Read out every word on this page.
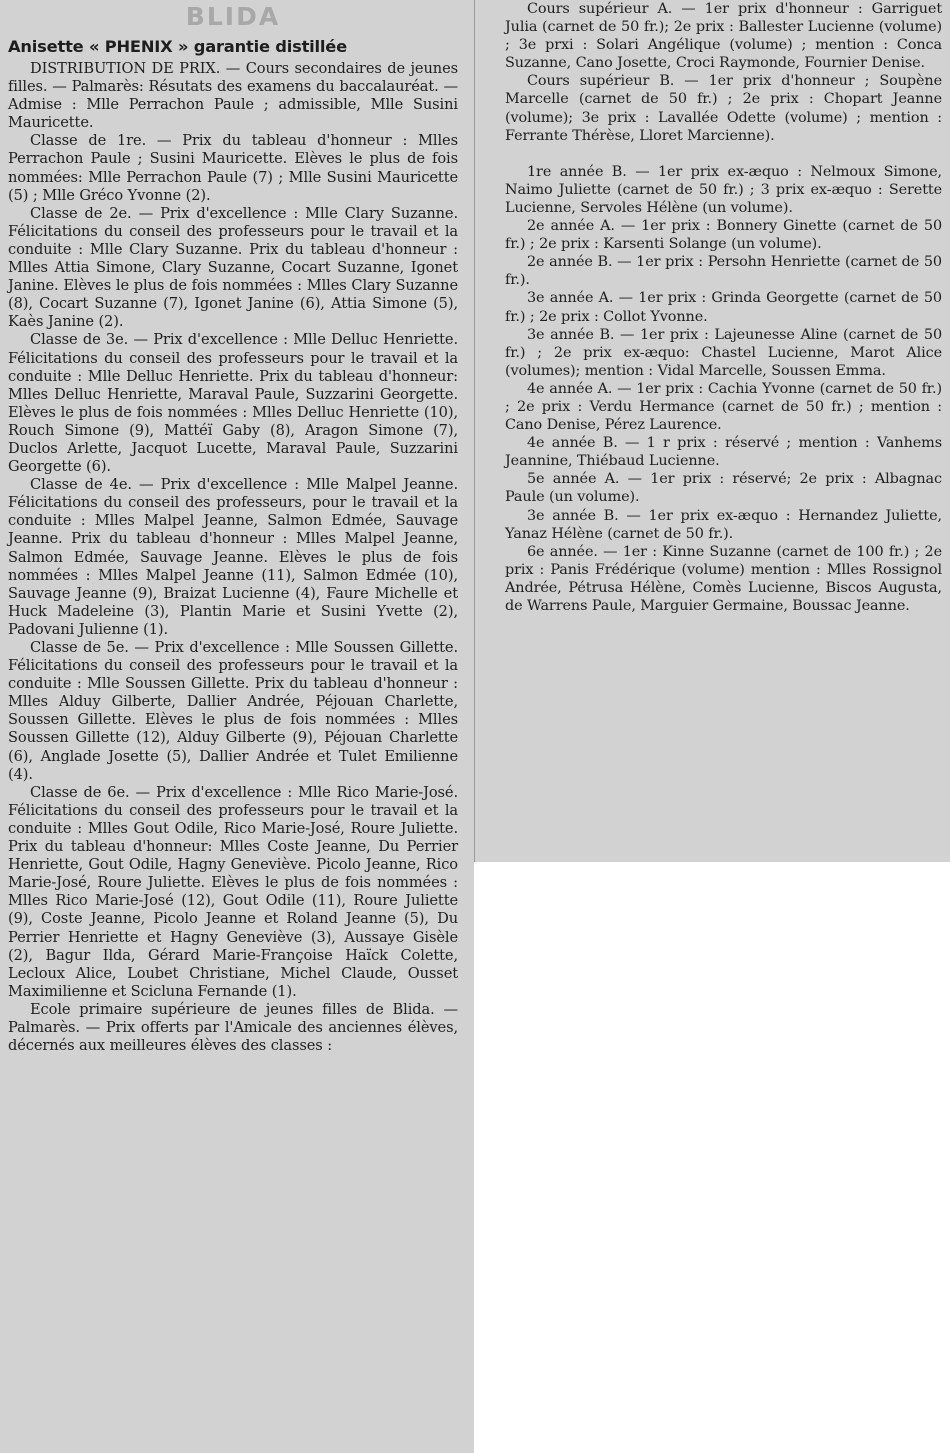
BLIDA
Anisette « PHENIX » garantie distillée

DISTRIBUTION DE PRIX. — Cours secondaires de jeunes filles. — Palmarès: Résutats des examens du baccalauréat. — Admise : Mlle Perrachon Paule ; admissible, Mlle Susini Mauricette.

Classe de 1re. — Prix du tableau d'honneur : Mlles Perrachon Paule ; Susini Mauricette. Elèves le plus de fois nommées: Mlle Perrachon Paule (7) ; Mlle Susini Mauricette (5) ; Mlle Gréco Yvonne (2).

Classe de 2e. — Prix d'excellence : Mlle Clary Suzanne. Félicitations du conseil des professeurs pour le travail et la conduite : Mlle Clary Suzanne. Prix du tableau d'honneur : Mlles Attia Simone, Clary Suzanne, Cocart Suzanne, Igonet Janine. Elèves le plus de fois nommées : Mlles Clary Suzanne (8), Cocart Suzanne (7), Igonet Janine (6), Attia Simone (5), Kaès Janine (2).

Classe de 3e. — Prix d'excellence : Mlle Delluc Henriette. Félicitations du conseil des professeurs pour le travail et la conduite : Mlle Delluc Henriette. Prix du tableau d'honneur: Mlles Delluc Henriette, Maraval Paule, Suzzarini Georgette. Elèves le plus de fois nommées : Mlles Delluc Henriette (10), Rouch Simone (9), Mattéï Gaby (8), Aragon Simone (7), Duclos Arlette, Jacquot Lucette, Maraval Paule, Suzzarini Georgette (6).

Classe de 4e. — Prix d'excellence : Mlle Malpel Jeanne. Félicitations du conseil des professeurs, pour le travail et la conduite : Mlles Malpel Jeanne, Salmon Edmée, Sauvage Jeanne. Prix du tableau d'honneur : Mlles Malpel Jeanne, Salmon Edmée, Sauvage Jeanne. Elèves le plus de fois nommées : Mlles Malpel Jeanne (11), Salmon Edmée (10), Sauvage Jeanne (9), Braizat Lucienne (4), Faure Michelle et Huck Madeleine (3), Plantin Marie et Susini Yvette (2), Padovani Julienne (1).

Classe de 5e. — Prix d'excellence : Mlle Soussen Gillette. Félicitations du conseil des professeurs pour le travail et la conduite : Mlle Soussen Gillette. Prix du tableau d'honneur : Mlles Alduy Gilberte, Dallier Andrée, Péjouan Charlette, Soussen Gillette. Elèves le plus de fois nommées : Mlles Soussen Gillette (12), Alduy Gilberte (9), Péjouan Charlette (6), Anglade Josette (5), Dallier Andrée et Tulet Emilienne (4).

Classe de 6e. — Prix d'excellence : Mlle Rico Marie-José. Félicitations du conseil des professeurs pour le travail et la conduite : Mlles Gout Odile, Rico Marie-José, Roure Juliette. Prix du tableau d'honneur: Mlles Coste Jeanne, Du Perrier Henriette, Gout Odile, Hagny Geneviève. Picolo Jeanne, Rico Marie-José, Roure Juliette. Elèves le plus de fois nommées : Mlles Rico Marie-José (12), Gout Odile (11), Roure Juliette (9), Coste Jeanne, Picolo Jeanne et Roland Jeanne (5), Du Perrier Henriette et Hagny Geneviève (3), Aussaye Gisèle (2), Bagur Ilda, Gérard Marie-Françoise Haïck Colette, Lecloux Alice, Loubet Christiane, Michel Claude, Ousset Maximilienne et Scicluna Fernande (1).

Ecole primaire supérieure de jeunes filles de Blida. — Palmarès. — Prix offerts par l'Amicale des anciennes élèves, décernés aux meilleures élèves des classes :

Cours supérieur A. — 1er prix d'honneur : Garriguet Julia (carnet de 50 fr.); 2e prix : Ballester Lucienne (volume) ; 3e prxi : Solari Angélique (volume) ; mention : Conca Suzanne, Cano Josette, Croci Raymonde, Fournier Denise.

Cours supérieur B. — 1er prix d'honneur ; Soupène Marcelle (carnet de 50 fr.) ; 2e prix : Chopart Jeanne (volume); 3e prix : Lavallée Odette (volume) ; mention : Ferrante Thérèse, Lloret Marcienne).

1re année B. — 1er prix ex-æquo : Nelmoux Simone, Naimo Juliette (carnet de 50 fr.) ; 3 prix ex-æquo : Serette Lucienne, Servoles Hélène (un volume).

2e année A. — 1er prix : Bonnery Ginette (carnet de 50 fr.) ; 2e prix : Karsenti Solange (un volume).

2e année B. — 1er prix : Persohn Henriette (carnet de 50 fr.).

3e année A. — 1er prix : Grinda Georgette (carnet de 50 fr.) ; 2e prix : Collot Yvonne.

3e année B. — 1er prix : Lajeunesse Aline (carnet de 50 fr.) ; 2e prix ex-æquo: Chastel Lucienne, Marot Alice (volumes); mention : Vidal Marcelle, Soussen Emma.

4e année A. — 1er prix : Cachia Yvonne (carnet de 50 fr.) ; 2e prix : Verdu Hermance (carnet de 50 fr.) ; mention : Cano Denise, Pérez Laurence.

4e année B. — 1 r prix : réservé ; mention : Vanhems Jeannine, Thiébaud Lucienne.

5e année A. — 1er prix : réservé; 2e prix : Albagnac Paule (un volume).

3e année B. — 1er prix ex-æquo : Hernandez Juliette, Yanaz Hélène (carnet de 50 fr.).

6e année. — 1er : Kinne Suzanne (carnet de 100 fr.) ; 2e prix : Panis Frédérique (volume) mention : Mlles Rossignol Andrée, Pétrusa Hélène, Comès Lucienne, Biscos Augusta, de Warrens Paule, Marguier Germaine, Boussac Jeanne.
